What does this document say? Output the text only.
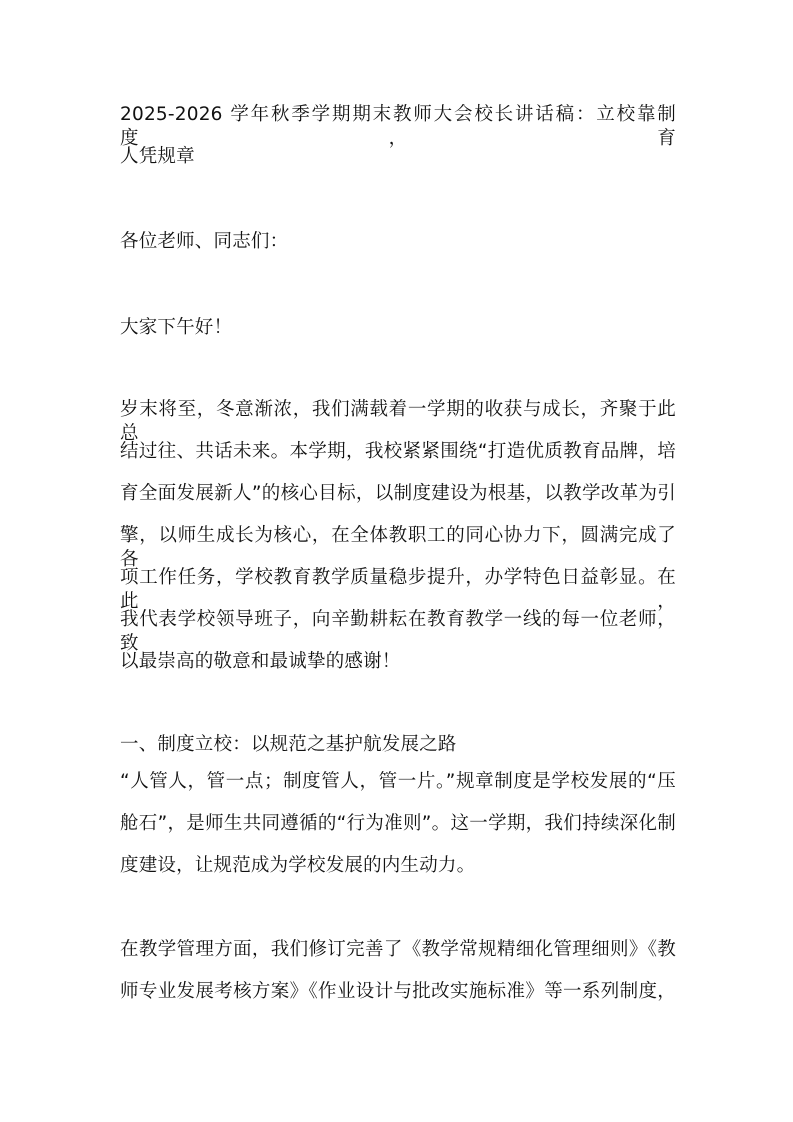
2025-2026 学年秋季学期期末教师大会校长讲话稿：立校靠制度，育
人凭规章
各位老师、同志们：
大家下午好！
岁末将至，冬意渐浓，我们满载着一学期的收获与成长，齐聚于此总
结过往、共话未来。本学期，我校紧紧围绕“打造优质教育品牌，培
育全面发展新人”的核心目标，以制度建设为根基，以教学改革为引
擎，以师生成长为核心，在全体教职工的同心协力下，圆满完成了各
项工作任务，学校教育教学质量稳步提升，办学特色日益彰显。在此，
我代表学校领导班子，向辛勤耕耘在教育教学一线的每一位老师，致
以最崇高的敬意和最诚挚的感谢！
一、制度立校：以规范之基护航发展之路
“人管人，管一点；制度管人，管一片。”规章制度是学校发展的“压
舱石”，是师生共同遵循的“行为准则”。这一学期，我们持续深化制
度建设，让规范成为学校发展的内生动力。
在教学管理方面，我们修订完善了《教学常规精细化管理细则》《教
师专业发展考核方案》《作业设计与批改实施标准》等一系列制度，
